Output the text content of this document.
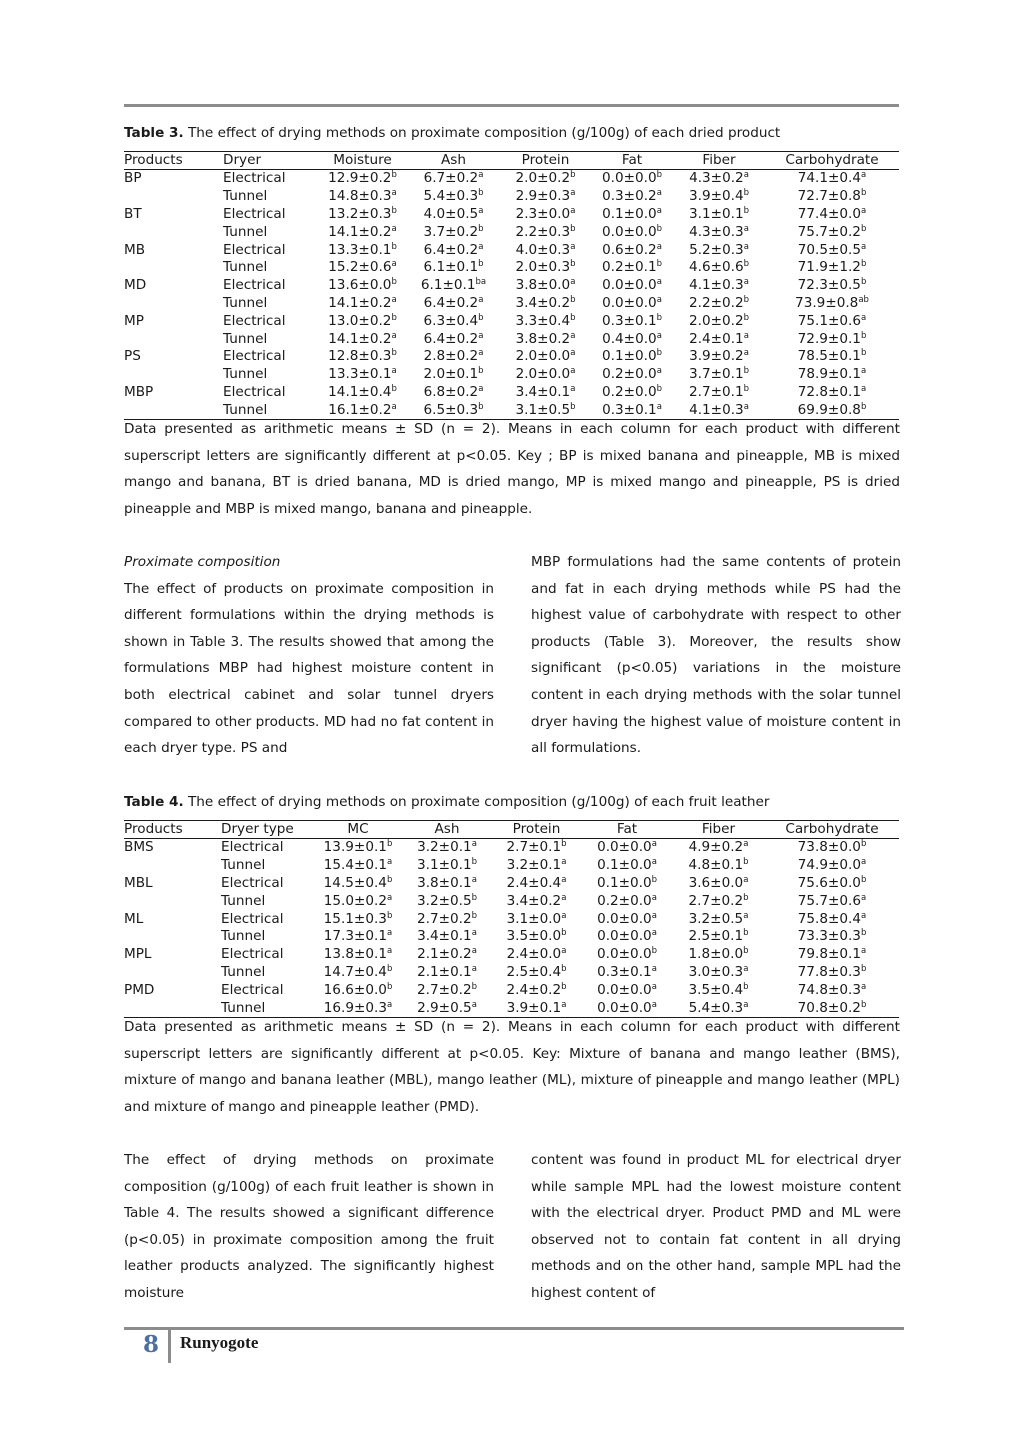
Table 3. The effect of drying methods on proximate composition (g/100g) of each dried product
Products	Dryer	Moisture	Ash	Protein	Fat	Fiber	Carbohydrate
BP	Electrical	12.9±0.2$^b$	6.7±0.2$^a$	2.0±0.2$^b$	0.0±0.0$^b$	4.3±0.2$^a$	74.1±0.4$^a$
	Tunnel	14.8±0.3$^a$	5.4±0.3$^b$	2.9±0.3$^a$	0.3±0.2$^a$	3.9±0.4$^b$	72.7±0.8$^b$
BT	Electrical	13.2±0.3$^b$	4.0±0.5$^a$	2.3±0.0$^a$	0.1±0.0$^a$	3.1±0.1$^b$	77.4±0.0$^a$
	Tunnel	14.1±0.2$^a$	3.7±0.2$^b$	2.2±0.3$^b$	0.0±0.0$^b$	4.3±0.3$^a$	75.7±0.2$^b$
MB	Electrical	13.3±0.1$^b$	6.4±0.2$^a$	4.0±0.3$^a$	0.6±0.2$^a$	5.2±0.3$^a$	70.5±0.5$^a$
	Tunnel	15.2±0.6$^a$	6.1±0.1$^b$	2.0±0.3$^b$	0.2±0.1$^b$	4.6±0.6$^b$	71.9±1.2$^b$
MD	Electrical	13.6±0.0$^b$	6.1±0.1$^{ba}$	3.8±0.0$^a$	0.0±0.0$^a$	4.1±0.3$^a$	72.3±0.5$^b$
	Tunnel	14.1±0.2$^a$	6.4±0.2$^a$	3.4±0.2$^b$	0.0±0.0$^a$	2.2±0.2$^b$	73.9±0.8$^{ab}$
MP	Electrical	13.0±0.2$^b$	6.3±0.4$^b$	3.3±0.4$^b$	0.3±0.1$^b$	2.0±0.2$^b$	75.1±0.6$^a$
	Tunnel	14.1±0.2$^a$	6.4±0.2$^a$	3.8±0.2$^a$	0.4±0.0$^a$	2.4±0.1$^a$	72.9±0.1$^b$
PS	Electrical	12.8±0.3$^b$	2.8±0.2$^a$	2.0±0.0$^a$	0.1±0.0$^b$	3.9±0.2$^a$	78.5±0.1$^b$
	Tunnel	13.3±0.1$^a$	2.0±0.1$^b$	2.0±0.0$^a$	0.2±0.0$^a$	3.7±0.1$^b$	78.9±0.1$^a$
MBP	Electrical	14.1±0.4$^b$	6.8±0.2$^a$	3.4±0.1$^a$	0.2±0.0$^b$	2.7±0.1$^b$	72.8±0.1$^a$
	Tunnel	16.1±0.2$^a$	6.5±0.3$^b$	3.1±0.5$^b$	0.3±0.1$^a$	4.1±0.3$^a$	69.9±0.8$^b$
Data presented as arithmetic means ± SD (n = 2). Means in each column for each product with different superscript letters are significantly different at p<0.05. Key ; BP is mixed banana and pineapple, MB is mixed mango and banana, BT is dried banana, MD is dried mango, MP is mixed mango and pineapple, PS is dried pineapple and MBP is mixed mango, banana and pineapple.
Proximate composition
The effect of products on proximate composition in different formulations within the drying methods is shown in Table 3. The results showed that among the formulations MBP had highest moisture content in both electrical cabinet and solar tunnel dryers compared to other products. MD had no fat content in each dryer type. PS and
MBP formulations had the same contents of protein and fat in each drying methods while PS had the highest value of carbohydrate with respect to other products (Table 3). Moreover, the results show significant (p<0.05) variations in the moisture content in each drying methods with the solar tunnel dryer having the highest value of moisture content in all formulations.
Table 4. The effect of drying methods on proximate composition (g/100g) of each fruit leather
Products	Dryer type	MC	Ash	Protein	Fat	Fiber	Carbohydrate
BMS	Electrical	13.9±0.1$^b$	3.2±0.1$^a$	2.7±0.1$^b$	0.0±0.0$^a$	4.9±0.2$^a$	73.8±0.0$^b$
	Tunnel	15.4±0.1$^a$	3.1±0.1$^b$	3.2±0.1$^a$	0.1±0.0$^a$	4.8±0.1$^b$	74.9±0.0$^a$
MBL	Electrical	14.5±0.4$^b$	3.8±0.1$^a$	2.4±0.4$^a$	0.1±0.0$^b$	3.6±0.0$^a$	75.6±0.0$^b$
	Tunnel	15.0±0.2$^a$	3.2±0.5$^b$	3.4±0.2$^a$	0.2±0.0$^a$	2.7±0.2$^b$	75.7±0.6$^a$
ML	Electrical	15.1±0.3$^b$	2.7±0.2$^b$	3.1±0.0$^a$	0.0±0.0$^a$	3.2±0.5$^a$	75.8±0.4$^a$
	Tunnel	17.3±0.1$^a$	3.4±0.1$^a$	3.5±0.0$^b$	0.0±0.0$^a$	2.5±0.1$^b$	73.3±0.3$^b$
MPL	Electrical	13.8±0.1$^a$	2.1±0.2$^a$	2.4±0.0$^a$	0.0±0.0$^b$	1.8±0.0$^b$	79.8±0.1$^a$
	Tunnel	14.7±0.4$^b$	2.1±0.1$^a$	2.5±0.4$^b$	0.3±0.1$^a$	3.0±0.3$^a$	77.8±0.3$^b$
PMD	Electrical	16.6±0.0$^b$	2.7±0.2$^b$	2.4±0.2$^b$	0.0±0.0$^a$	3.5±0.4$^b$	74.8±0.3$^a$
	Tunnel	16.9±0.3$^a$	2.9±0.5$^a$	3.9±0.1$^a$	0.0±0.0$^a$	5.4±0.3$^a$	70.8±0.2$^b$
Data presented as arithmetic means ± SD (n = 2). Means in each column for each product with different superscript letters are significantly different at p<0.05. Key: Mixture of banana and mango leather (BMS), mixture of mango and banana leather (MBL), mango leather (ML), mixture of pineapple and mango leather (MPL) and mixture of mango and pineapple leather (PMD).
The effect of drying methods on proximate composition (g/100g) of each fruit leather is shown in Table 4. The results showed a significant difference (p<0.05) in proximate composition among the fruit leather products analyzed. The significantly highest moisture
content was found in product ML for electrical dryer while sample MPL had the lowest moisture content with the electrical dryer. Product PMD and ML were observed not to contain fat content in all drying methods and on the other hand, sample MPL had the highest content of
8 Runyogote
